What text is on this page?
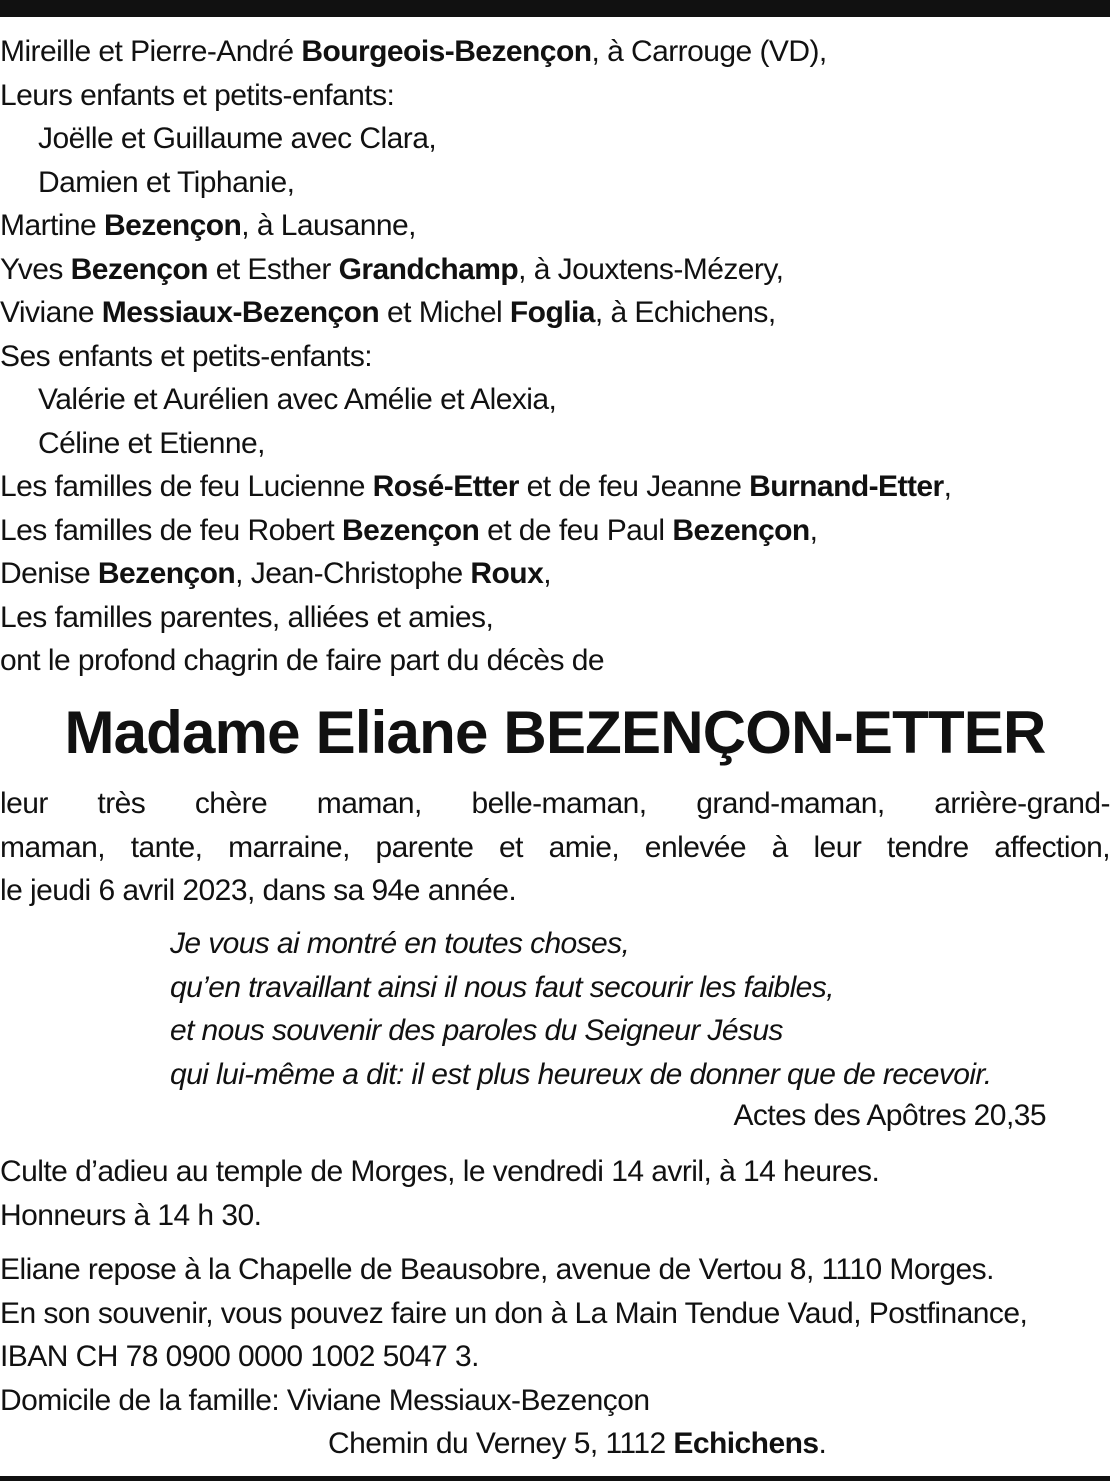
Mireille et Pierre-André Bourgeois-Bezençon, à Carrouge (VD),
Leurs enfants et petits-enfants:
Joëlle et Guillaume avec Clara,
Damien et Tiphanie,
Martine Bezençon, à Lausanne,
Yves Bezençon et Esther Grandchamp, à Jouxtens-Mézery,
Viviane Messiaux-Bezençon et Michel Foglia, à Echichens,
Ses enfants et petits-enfants:
Valérie et Aurélien avec Amélie et Alexia,
Céline et Etienne,
Les familles de feu Lucienne Rosé-Etter et de feu Jeanne Burnand-Etter,
Les familles de feu Robert Bezençon et de feu Paul Bezençon,
Denise Bezençon, Jean-Christophe Roux,
Les familles parentes, alliées et amies,
ont le profond chagrin de faire part du décès de
Madame Eliane BEZENÇON-ETTER
leur très chère maman, belle-maman, grand-maman, arrière-grand-
maman, tante, marraine, parente et amie, enlevée à leur tendre affection,
le jeudi 6 avril 2023, dans sa 94e année.
Je vous ai montré en toutes choses,
qu’en travaillant ainsi il nous faut secourir les faibles,
et nous souvenir des paroles du Seigneur Jésus
qui lui-même a dit: il est plus heureux de donner que de recevoir.
Actes des Apôtres 20,35
Culte d’adieu au temple de Morges, le vendredi 14 avril, à 14 heures.
Honneurs à 14 h 30.
Eliane repose à la Chapelle de Beausobre, avenue de Vertou 8, 1110 Morges.
En son souvenir, vous pouvez faire un don à La Main Tendue Vaud, Postfinance,
IBAN CH 78 0900 0000 1002 5047 3.
Domicile de la famille: Viviane Messiaux-Bezençon
Chemin du Verney 5, 1112 Echichens.
